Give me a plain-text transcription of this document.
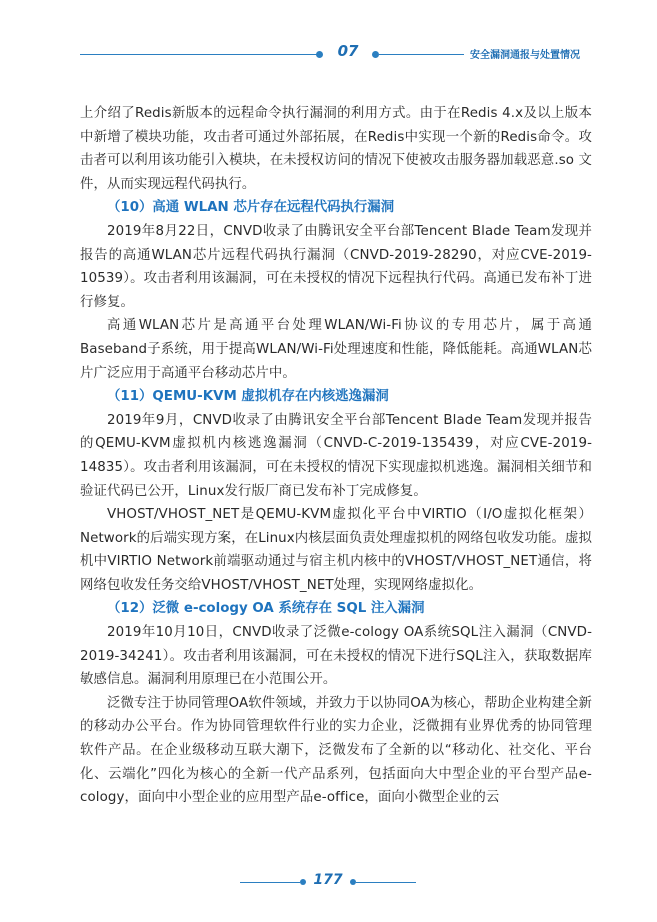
07	安全漏洞通报与处置情况

上介绍了Redis新版本的远程命令执行漏洞的利用方式。由于在Redis 4.x及以上版本中新增了模块功能，攻击者可通过外部拓展，在Redis中实现一个新的Redis命令。攻击者可以利用该功能引入模块，在未授权访问的情况下使被攻击服务器加载恶意.so 文件，从而实现远程代码执行。

（10）高通 WLAN 芯片存在远程代码执行漏洞

2019年8月22日，CNVD收录了由腾讯安全平台部Tencent Blade Team发现并报告的高通WLAN芯片远程代码执行漏洞（CNVD-2019-28290，对应CVE-2019-10539）。攻击者利用该漏洞，可在未授权的情况下远程执行代码。高通已发布补丁进行修复。

高通WLAN芯片是高通平台处理WLAN/Wi-Fi协议的专用芯片，属于高通Baseband子系统，用于提高WLAN/Wi-Fi处理速度和性能，降低能耗。高通WLAN芯片广泛应用于高通平台移动芯片中。

（11）QEMU-KVM 虚拟机存在内核逃逸漏洞

2019年9月，CNVD收录了由腾讯安全平台部Tencent Blade Team发现并报告的QEMU-KVM虚拟机内核逃逸漏洞（CNVD-C-2019-135439，对应CVE-2019-14835）。攻击者利用该漏洞，可在未授权的情况下实现虚拟机逃逸。漏洞相关细节和验证代码已公开，Linux发行版厂商已发布补丁完成修复。

VHOST/VHOST_NET是QEMU-KVM虚拟化平台中VIRTIO（I/O虚拟化框架）Network的后端实现方案，在Linux内核层面负责处理虚拟机的网络包收发功能。虚拟机中VIRTIO Network前端驱动通过与宿主机内核中的VHOST/VHOST_NET通信，将网络包收发任务交给VHOST/VHOST_NET处理，实现网络虚拟化。

（12）泛微 e-cology OA 系统存在 SQL 注入漏洞

2019年10月10日，CNVD收录了泛微e-cology OA系统SQL注入漏洞（CNVD-2019-34241）。攻击者利用该漏洞，可在未授权的情况下进行SQL注入，获取数据库敏感信息。漏洞利用原理已在小范围公开。

泛微专注于协同管理OA软件领域，并致力于以协同OA为核心，帮助企业构建全新的移动办公平台。作为协同管理软件行业的实力企业，泛微拥有业界优秀的协同管理软件产品。在企业级移动互联大潮下，泛微发布了全新的以“移动化、社交化、平台化、云端化”四化为核心的全新一代产品系列，包括面向大中型企业的平台型产品e-cology，面向中小型企业的应用型产品e-office，面向小微型企业的云

177
